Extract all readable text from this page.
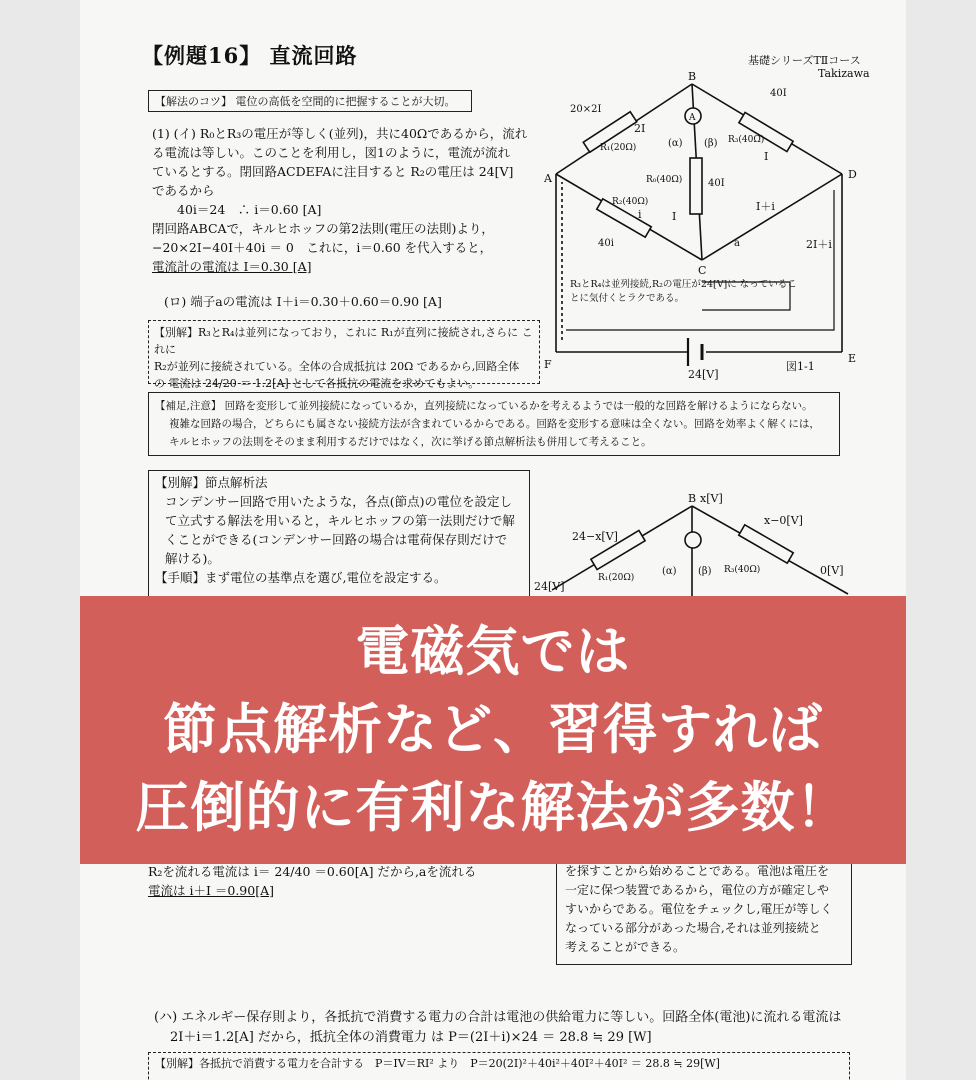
【例題16】 直流回路	基礎シリーズTⅡコース
Takizawa
【解法のコツ】 電位の高低を空間的に把握することが大切。
(1) (イ) R₀とR₃の電圧が等しく(並列)，共に40Ωであるから，流れ
る電流は等しい。このことを利用し，図1のように，電流が流れ
ているとする。閉回路ACDEFAに注目すると R₂の電圧は 24[V]
であるから
　　40i＝24　∴ i＝0.60 [A]
閉回路ABCAで，キルヒホッフの第2法則(電圧の法則)より，
−20×2I−40I＋40i ＝ 0　これに，i＝0.60 を代入すると，
電流計の電流は I＝0.30 [A]
(ロ) 端子aの電流は I＋i＝0.30＋0.60＝0.90 [A]
【別解】R₃とR₄は並列になっており，これに R₁が直列に接続され,さらに これに
R₂が並列に接続されている。全体の合成抵抗は 20Ω であるから,回路全体
の 電流は 24/20 ＝ 1.2[A] として各抵抗の電流を求めてもよい。
A
B
C
D
E
F
A
R₁(20Ω)
R₃(40Ω)
R₀(40Ω)
R₂(40Ω)
(α) (β)
20×2I
40I
2I
I
I
40I
40i
i
I＋i
a	2I＋i
24[V]
図1-1
R₃とR₄は並列接続,R₂の電圧が24[V]に なっていることに気付くとラクである。
【補足,注意】 回路を変形して並列接続になっているか，直列接続になっているかを考えるようでは一般的な回路を解けるようにならない。
複雑な回路の場合，どちらにも属さない接続方法が含まれているからである。回路を変形する意味は全くない。回路を効率よく解くには，
キルヒホッフの法則をそのまま利用するだけではなく，次に挙げる節点解析法も併用して考えること。
【別解】節点解析法
コンデンサー回路で用いたような，各点(節点)の電位を設定し
て立式する解法を用いると，キルヒホッフの第一法則だけで解
くことができる(コンデンサー回路の場合は電荷保存則だけで
解ける)。
【手順】まず電位の基準点を選び,電位を設定する。
B x[V]
24−x[V]
x−0[V]
24[V]
0[V]
R₁(20Ω)
R₃(40Ω)
(α) (β)
R₂を流れる電流は i＝ 24/40 ＝0.60[A] だから,aを流れる
電流は i＋I ＝0.90[A]
を探すことから始めることである。電池は電圧を
一定に保つ装置であるから，電位の方が確定しや
すいからである。電位をチェックし,電圧が等しく
なっている部分があった場合,それは並列接続と
考えることができる。
(ハ) エネルギー保存則より，各抵抗で消費する電力の合計は電池の供給電力に等しい。回路全体(電池)に流れる電流は
2I＋i＝1.2[A] だから，抵抗全体の消費電力 は P＝(2I＋i)×24 ＝ 28.8 ≒ 29 [W]
【別解】各抵抗で消費する電力を合計する　P＝IV＝RI² より　P＝20(2I)²＋40i²＋40I²＋40I² ＝ 28.8 ≒ 29[W]
電磁気では
節点解析など、習得すれば
圧倒的に有利な解法が多数！
